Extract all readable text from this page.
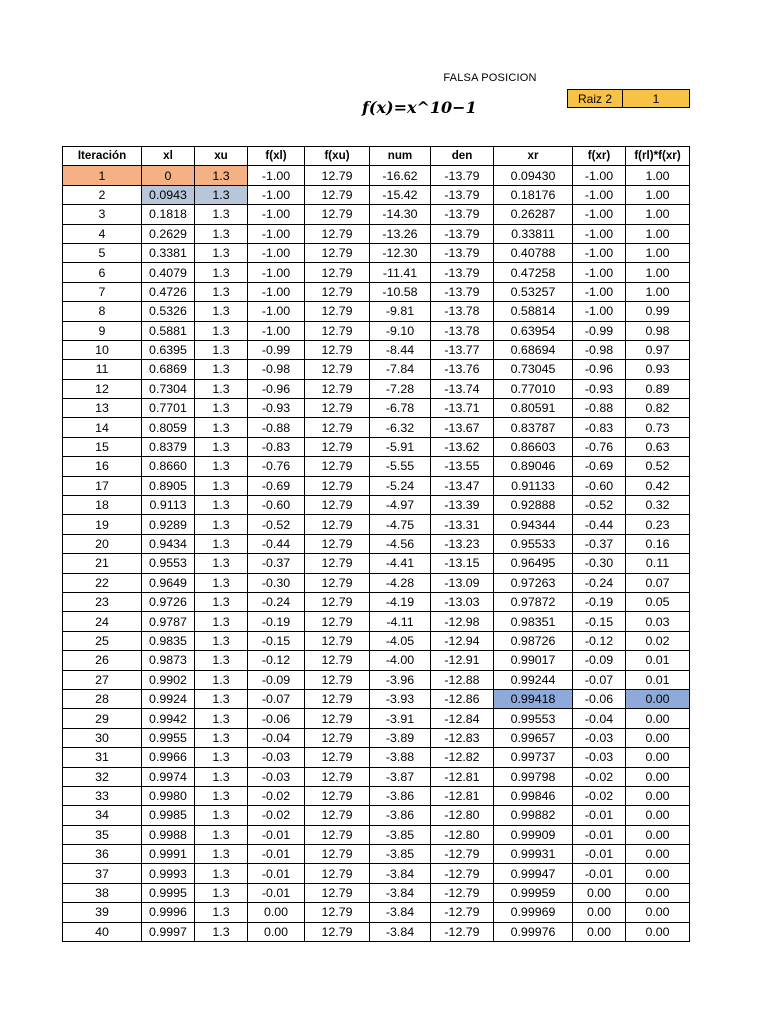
FALSA POSICION
f(x)=x^10−1	Raiz 2	1
Iteración	xl	xu	f(xl)	f(xu)	num	den	xr	f(xr)	f(rl)*f(xr)
1	0	1.3	-1.00	12.79	-16.62	-13.79	0.09430	-1.00	1.00
2	0.0943	1.3	-1.00	12.79	-15.42	-13.79	0.18176	-1.00	1.00
3	0.1818	1.3	-1.00	12.79	-14.30	-13.79	0.26287	-1.00	1.00
4	0.2629	1.3	-1.00	12.79	-13.26	-13.79	0.33811	-1.00	1.00
5	0.3381	1.3	-1.00	12.79	-12.30	-13.79	0.40788	-1.00	1.00
6	0.4079	1.3	-1.00	12.79	-11.41	-13.79	0.47258	-1.00	1.00
7	0.4726	1.3	-1.00	12.79	-10.58	-13.79	0.53257	-1.00	1.00
8	0.5326	1.3	-1.00	12.79	-9.81	-13.78	0.58814	-1.00	0.99
9	0.5881	1.3	-1.00	12.79	-9.10	-13.78	0.63954	-0.99	0.98
10	0.6395	1.3	-0.99	12.79	-8.44	-13.77	0.68694	-0.98	0.97
11	0.6869	1.3	-0.98	12.79	-7.84	-13.76	0.73045	-0.96	0.93
12	0.7304	1.3	-0.96	12.79	-7.28	-13.74	0.77010	-0.93	0.89
13	0.7701	1.3	-0.93	12.79	-6.78	-13.71	0.80591	-0.88	0.82
14	0.8059	1.3	-0.88	12.79	-6.32	-13.67	0.83787	-0.83	0.73
15	0.8379	1.3	-0.83	12.79	-5.91	-13.62	0.86603	-0.76	0.63
16	0.8660	1.3	-0.76	12.79	-5.55	-13.55	0.89046	-0.69	0.52
17	0.8905	1.3	-0.69	12.79	-5.24	-13.47	0.91133	-0.60	0.42
18	0.9113	1.3	-0.60	12.79	-4.97	-13.39	0.92888	-0.52	0.32
19	0.9289	1.3	-0.52	12.79	-4.75	-13.31	0.94344	-0.44	0.23
20	0.9434	1.3	-0.44	12.79	-4.56	-13.23	0.95533	-0.37	0.16
21	0.9553	1.3	-0.37	12.79	-4.41	-13.15	0.96495	-0.30	0.11
22	0.9649	1.3	-0.30	12.79	-4.28	-13.09	0.97263	-0.24	0.07
23	0.9726	1.3	-0.24	12.79	-4.19	-13.03	0.97872	-0.19	0.05
24	0.9787	1.3	-0.19	12.79	-4.11	-12.98	0.98351	-0.15	0.03
25	0.9835	1.3	-0.15	12.79	-4.05	-12.94	0.98726	-0.12	0.02
26	0.9873	1.3	-0.12	12.79	-4.00	-12.91	0.99017	-0.09	0.01
27	0.9902	1.3	-0.09	12.79	-3.96	-12.88	0.99244	-0.07	0.01
28	0.9924	1.3	-0.07	12.79	-3.93	-12.86	0.99418	-0.06	0.00
29	0.9942	1.3	-0.06	12.79	-3.91	-12.84	0.99553	-0.04	0.00
30	0.9955	1.3	-0.04	12.79	-3.89	-12.83	0.99657	-0.03	0.00
31	0.9966	1.3	-0.03	12.79	-3.88	-12.82	0.99737	-0.03	0.00
32	0.9974	1.3	-0.03	12.79	-3.87	-12.81	0.99798	-0.02	0.00
33	0.9980	1.3	-0.02	12.79	-3.86	-12.81	0.99846	-0.02	0.00
34	0.9985	1.3	-0.02	12.79	-3.86	-12.80	0.99882	-0.01	0.00
35	0.9988	1.3	-0.01	12.79	-3.85	-12.80	0.99909	-0.01	0.00
36	0.9991	1.3	-0.01	12.79	-3.85	-12.79	0.99931	-0.01	0.00
37	0.9993	1.3	-0.01	12.79	-3.84	-12.79	0.99947	-0.01	0.00
38	0.9995	1.3	-0.01	12.79	-3.84	-12.79	0.99959	0.00	0.00
39	0.9996	1.3	0.00	12.79	-3.84	-12.79	0.99969	0.00	0.00
40	0.9997	1.3	0.00	12.79	-3.84	-12.79	0.99976	0.00	0.00
